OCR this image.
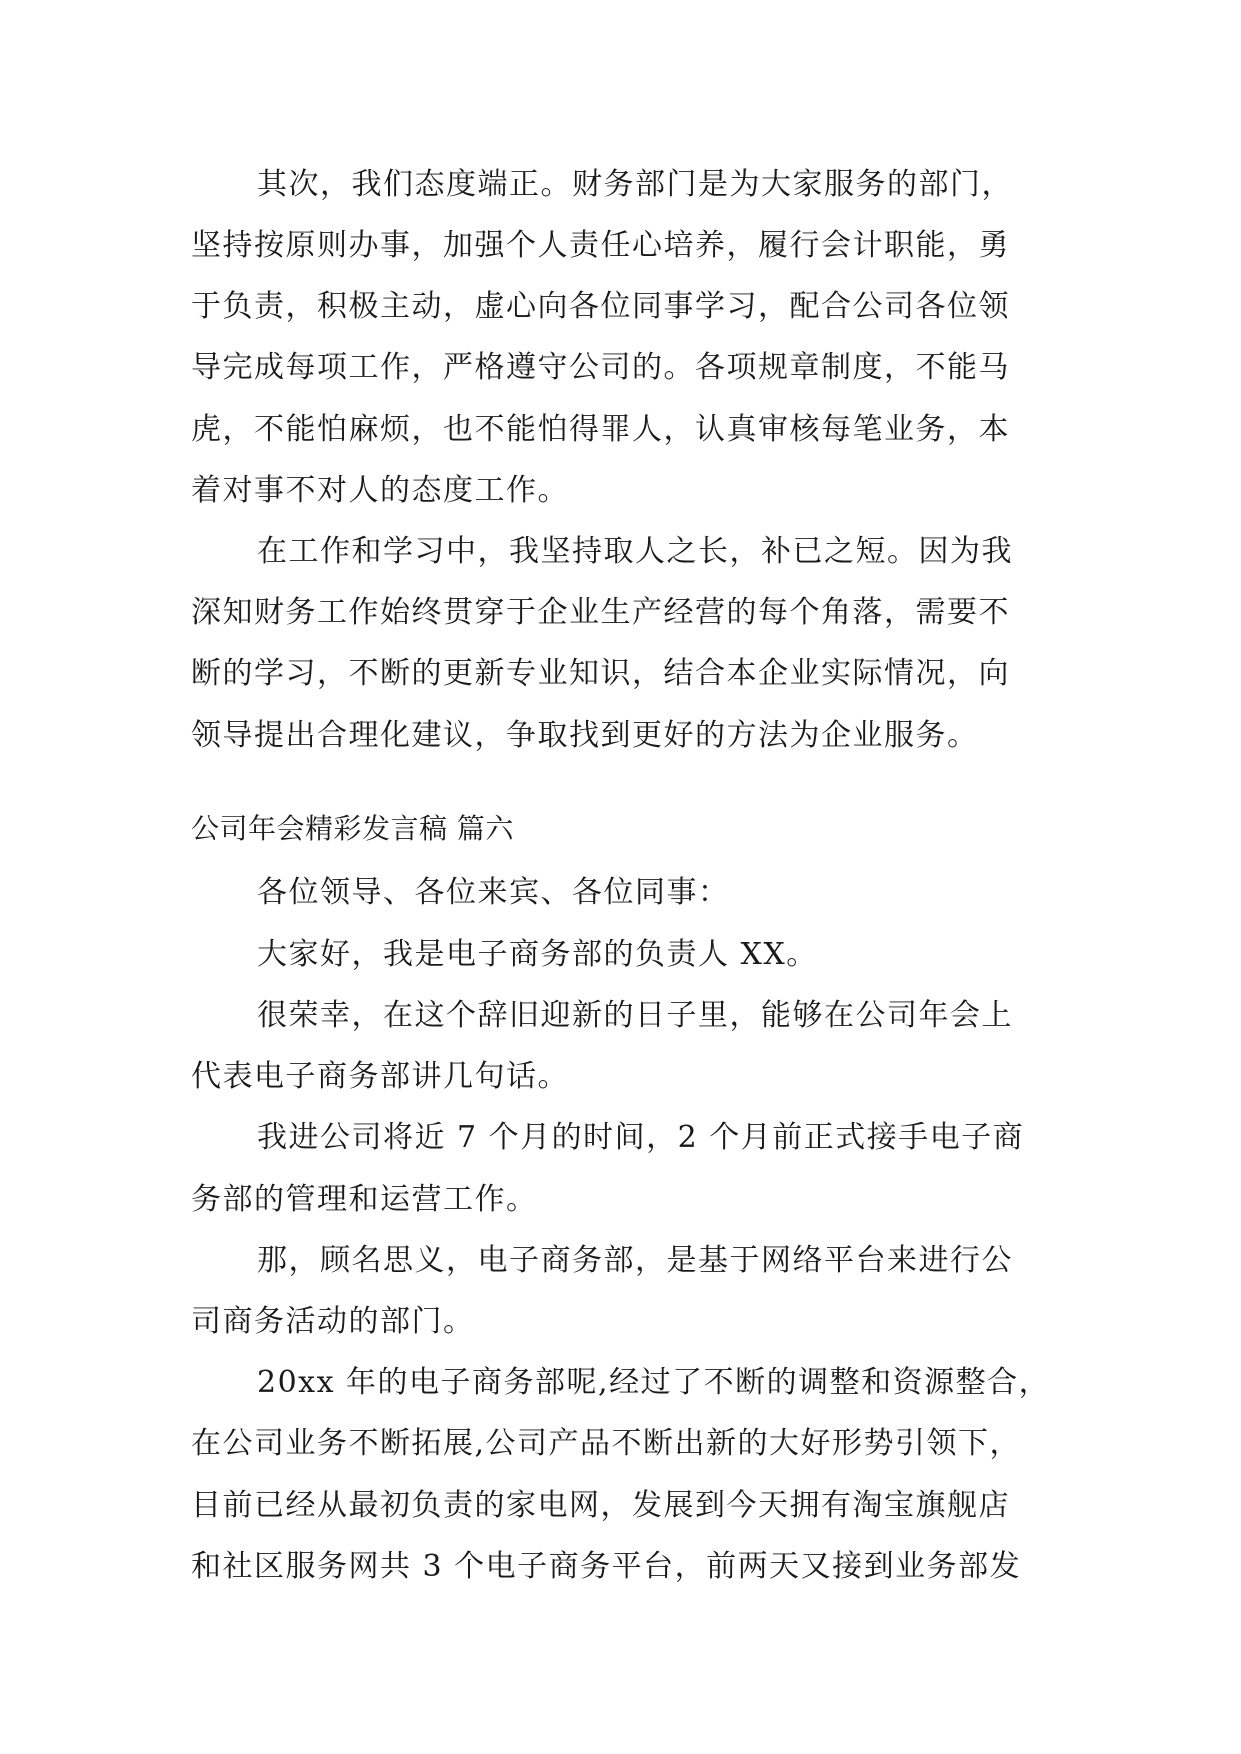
其次，我们态度端正。财务部门是为大家服务的部门，
坚持按原则办事，加强个人责任心培养，履行会计职能，勇
于负责，积极主动，虚心向各位同事学习，配合公司各位领
导完成每项工作，严格遵守公司的。各项规章制度，不能马
虎，不能怕麻烦，也不能怕得罪人，认真审核每笔业务，本
着对事不对人的态度工作。
在工作和学习中，我坚持取人之长，补已之短。因为我
深知财务工作始终贯穿于企业生产经营的每个角落，需要不
断的学习，不断的更新专业知识，结合本企业实际情况，向
领导提出合理化建议，争取找到更好的方法为企业服务。
公司年会精彩发言稿 篇六
各位领导、各位来宾、各位同事：
大家好，我是电子商务部的负责人 XX。
很荣幸，在这个辞旧迎新的日子里，能够在公司年会上
代表电子商务部讲几句话。
我进公司将近 7 个月的时间，2 个月前正式接手电子商
务部的管理和运营工作。
那，顾名思义，电子商务部，是基于网络平台来进行公
司商务活动的部门。
20xx 年的电子商务部呢,经过了不断的调整和资源整合，
在公司业务不断拓展,公司产品不断出新的大好形势引领下，
目前已经从最初负责的家电网，发展到今天拥有淘宝旗舰店
和社区服务网共 3 个电子商务平台，前两天又接到业务部发
